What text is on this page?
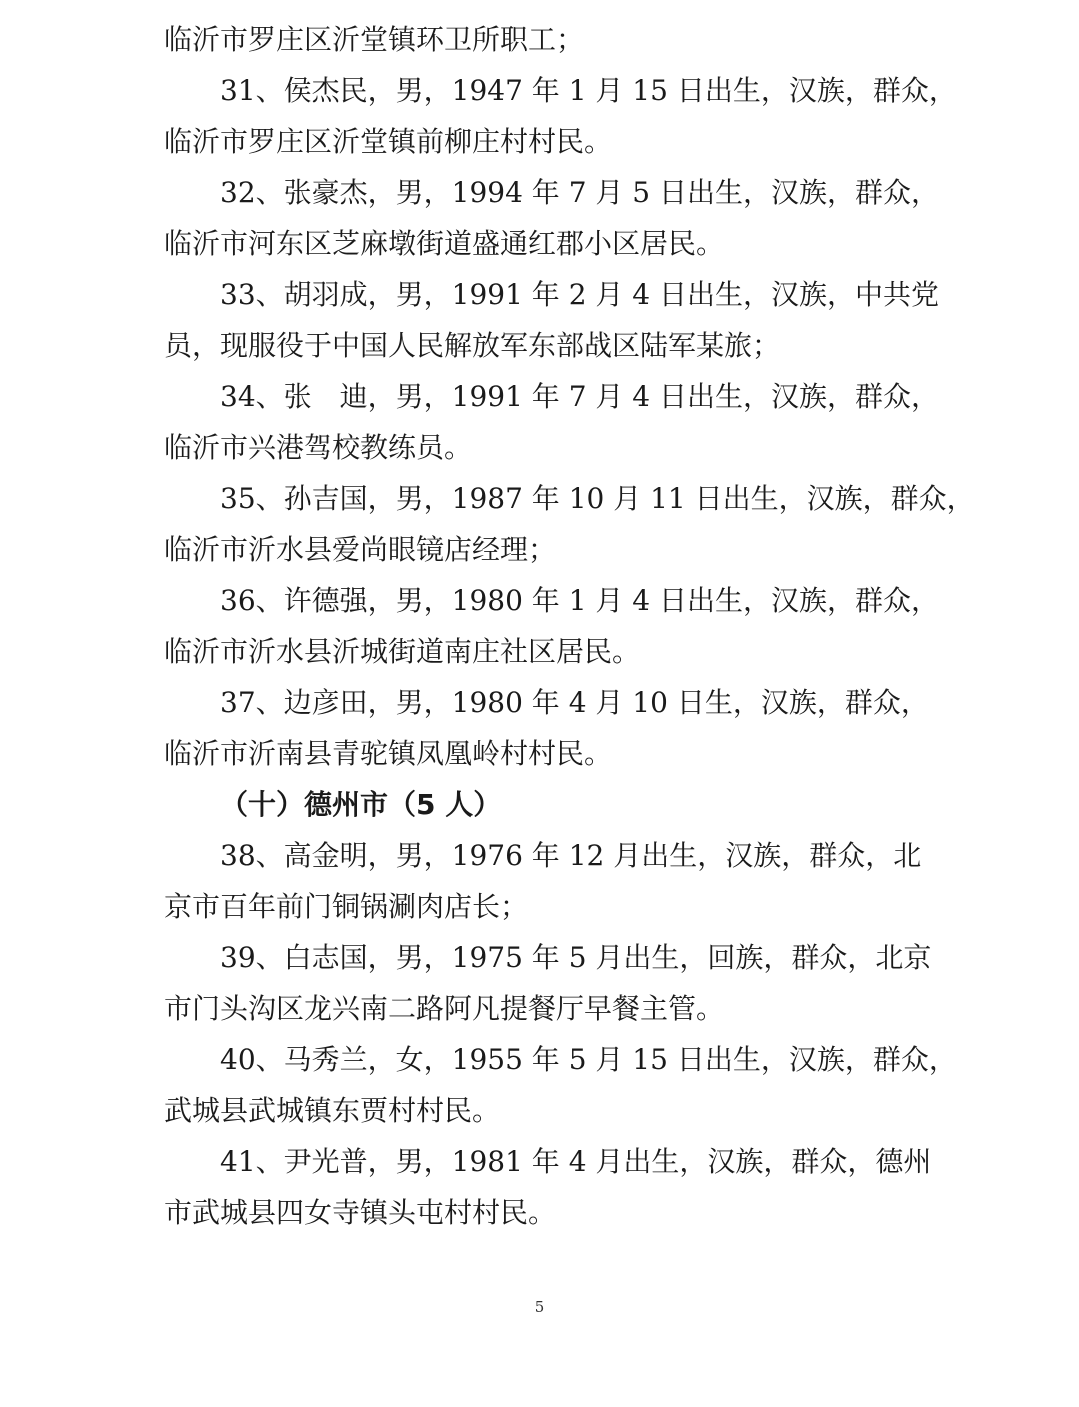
临沂市罗庄区沂堂镇环卫所职工；
31、侯杰民，男，1947 年 1 月 15 日出生，汉族，群众，
临沂市罗庄区沂堂镇前柳庄村村民。
32、张豪杰，男，1994 年 7 月 5 日出生，汉族，群众，
临沂市河东区芝麻墩街道盛通红郡小区居民。
33、胡羽成，男，1991 年 2 月 4 日出生，汉族，中共党
员，现服役于中国人民解放军东部战区陆军某旅；
34、张　迪，男，1991 年 7 月 4 日出生，汉族，群众，
临沂市兴港驾校教练员。
35、孙吉国，男，1987 年 10 月 11 日出生，汉族，群众，
临沂市沂水县爱尚眼镜店经理；
36、许德强，男，1980 年 1 月 4 日出生，汉族，群众，
临沂市沂水县沂城街道南庄社区居民。
37、边彦田，男，1980 年 4 月 10 日生，汉族，群众，
临沂市沂南县青驼镇凤凰岭村村民。
（十）德州市（5 人）
38、高金明，男，1976 年 12 月出生，汉族，群众，北
京市百年前门铜锅涮肉店长；
39、白志国，男，1975 年 5 月出生，回族，群众，北京
市门头沟区龙兴南二路阿凡提餐厅早餐主管。
40、马秀兰，女，1955 年 5 月 15 日出生，汉族，群众，
武城县武城镇东贾村村民。
41、尹光普，男，1981 年 4 月出生，汉族，群众，德州
市武城县四女寺镇头屯村村民。
5
